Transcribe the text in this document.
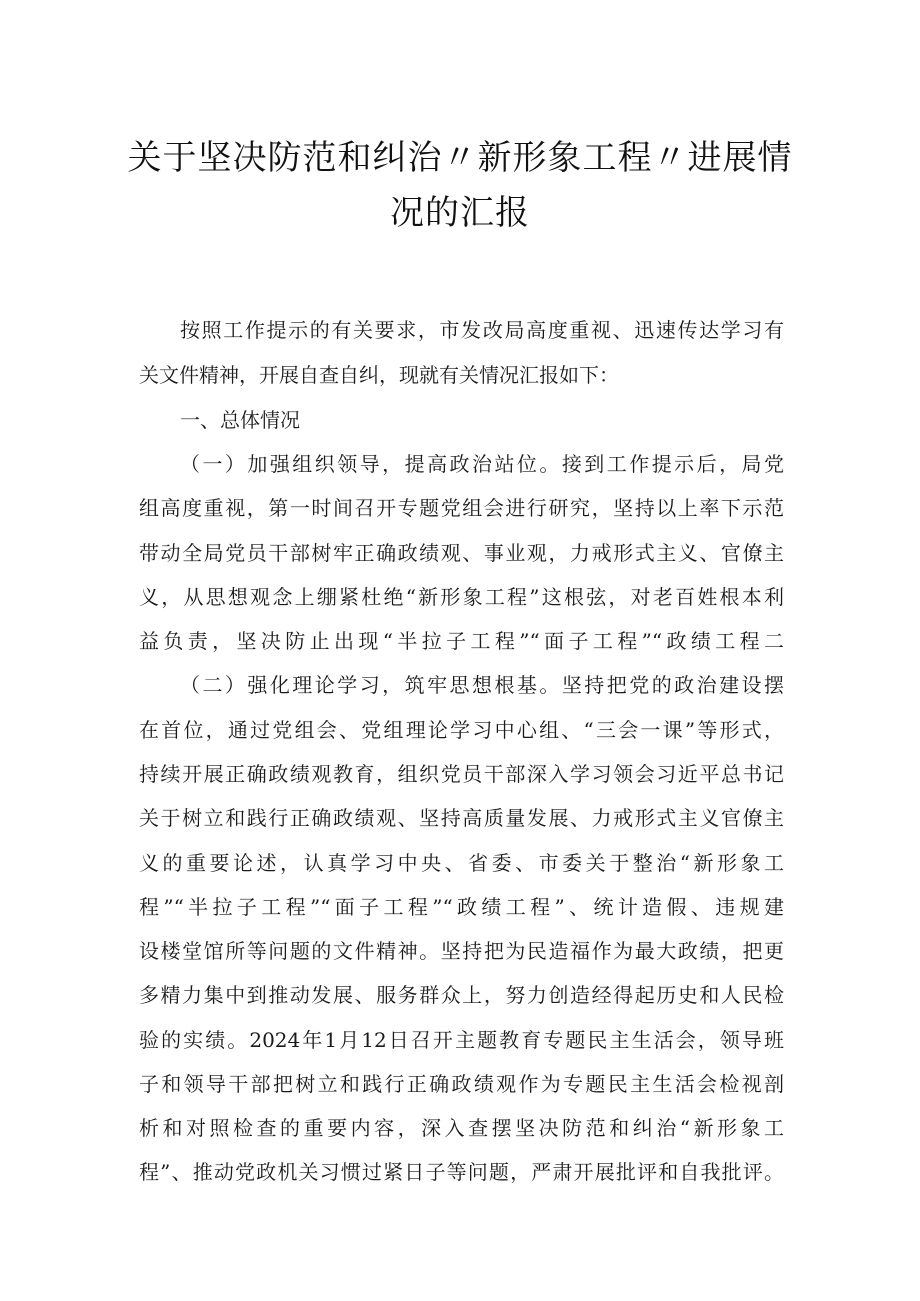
关于坚决防范和纠治〃新形象工程〃进展情
况的汇报
按照工作提示的有关要求，市发改局高度重视、迅速传达学习有
关文件精神，开展自查自纠，现就有关情况汇报如下：
一、总体情况
（一）加强组织领导，提高政治站位。接到工作提示后，局党
组高度重视，第一时间召开专题党组会进行研究，坚持以上率下示范
带动全局党员干部树牢正确政绩观、事业观，力戒形式主义、官僚主
义，从思想观念上绷紧杜绝“新形象工程”这根弦，对老百姓根本利
益负责，坚决防止出现“半拉子工程”“面子工程”“政绩工程二
（二）强化理论学习，筑牢思想根基。坚持把党的政治建设摆
在首位，通过党组会、党组理论学习中心组、“三会一课”等形式，
持续开展正确政绩观教育，组织党员干部深入学习领会习近平总书记
关于树立和践行正确政绩观、坚持高质量发展、力戒形式主义官僚主
义的重要论述，认真学习中央、省委、市委关于整治“新形象工
程”“半拉子工程”“面子工程”“政绩工程”、统计造假、违规建
设楼堂馆所等问题的文件精神。坚持把为民造福作为最大政绩，把更
多精力集中到推动发展、服务群众上，努力创造经得起历史和人民检
验的实绩。2024年1月12日召开主题教育专题民主生活会，领导班
子和领导干部把树立和践行正确政绩观作为专题民主生活会检视剖
析和对照检查的重要内容，深入查摆坚决防范和纠治“新形象工
程”、推动党政机关习惯过紧日子等问题，严肃开展批评和自我批评。
